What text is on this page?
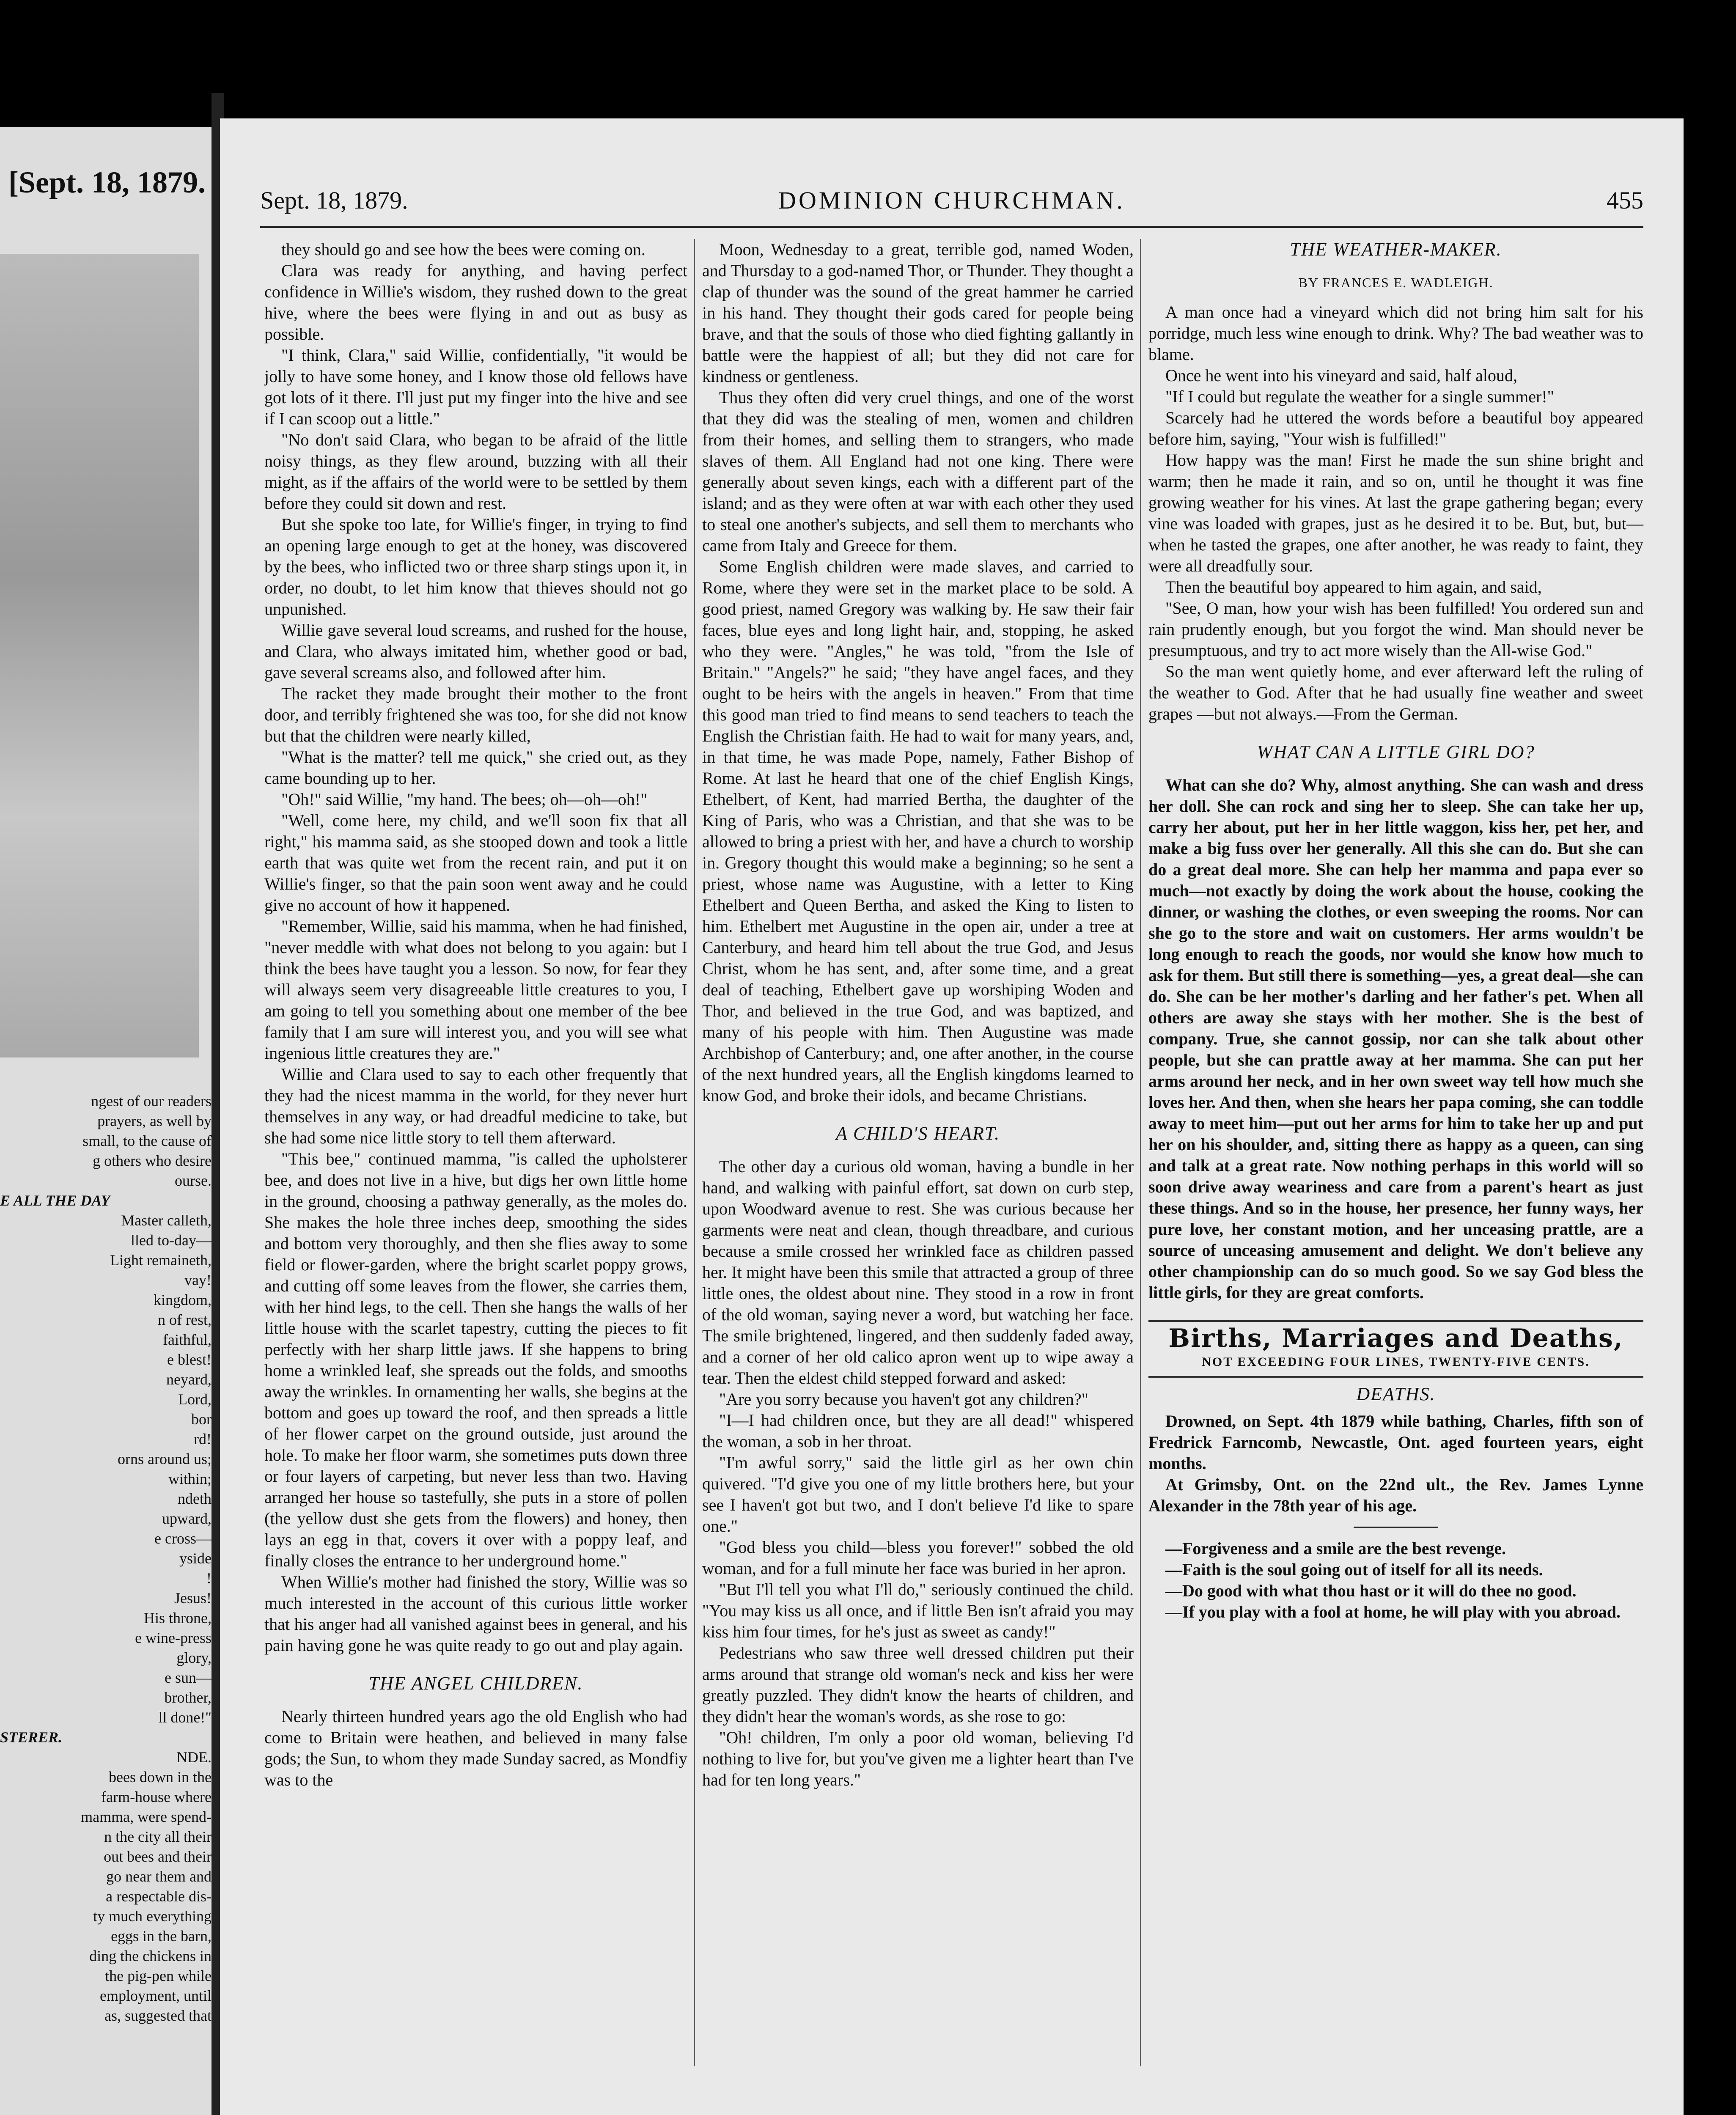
[Sept. 18, 1879.
ngest of our readers
prayers, as well by
small, to the cause of
g others who desire
ourse.
E ALL THE DAY
Master calleth,
lled to-day—
Light remaineth,
vay!
kingdom,
n of rest,
faithful,
e blest!
neyard,
Lord,
bor
rd!
orns around us;
within;
ndeth
upward,
e cross—
yside
!
Jesus!
His throne,
e wine-press
glory,
e sun—
brother,
ll done!"
STERER.
NDE.
bees down in the
farm-house where
mamma, were spend-
n the city all their
out bees and their
go near them and
a respectable dis-
ty much everything
eggs in the barn,
ding the chickens in
the pig-pen while
employment, until
as, suggested that
Sept. 18, 1879.	DOMINION CHURCHMAN.	455

they should go and see how the bees were coming on.

Clara was ready for anything, and having perfect confidence in Willie's wisdom, they rushed down to the great hive, where the bees were flying in and out as busy as possible.

"I think, Clara," said Willie, confidentially, "it would be jolly to have some honey, and I know those old fellows have got lots of it there. I'll just put my finger into the hive and see if I can scoop out a little."

"No don't said Clara, who began to be afraid of the little noisy things, as they flew around, buzzing with all their might, as if the affairs of the world were to be settled by them before they could sit down and rest.

But she spoke too late, for Willie's finger, in trying to find an opening large enough to get at the honey, was discovered by the bees, who inflicted two or three sharp stings upon it, in order, no doubt, to let him know that thieves should not go unpunished.

Willie gave several loud screams, and rushed for the house, and Clara, who always imitated him, whether good or bad, gave several screams also, and followed after him.

The racket they made brought their mother to the front door, and terribly frightened she was too, for she did not know but that the children were nearly killed,

"What is the matter? tell me quick," she cried out, as they came bounding up to her.

"Oh!" said Willie, "my hand. The bees; oh—oh—oh!"

"Well, come here, my child, and we'll soon fix that all right," his mamma said, as she stooped down and took a little earth that was quite wet from the recent rain, and put it on Willie's finger, so that the pain soon went away and he could give no account of how it happened.

"Remember, Willie, said his mamma, when he had finished, "never meddle with what does not belong to you again: but I think the bees have taught you a lesson. So now, for fear they will always seem very disagreeable little creatures to you, I am going to tell you something about one member of the bee family that I am sure will interest you, and you will see what ingenious little creatures they are."

Willie and Clara used to say to each other frequently that they had the nicest mamma in the world, for they never hurt themselves in any way, or had dreadful medicine to take, but she had some nice little story to tell them afterward.

"This bee," continued mamma, "is called the upholsterer bee, and does not live in a hive, but digs her own little home in the ground, choosing a pathway generally, as the moles do. She makes the hole three inches deep, smoothing the sides and bottom very thoroughly, and then she flies away to some field or flower-garden, where the bright scarlet poppy grows, and cutting off some leaves from the flower, she carries them, with her hind legs, to the cell. Then she hangs the walls of her little house with the scarlet tapestry, cutting the pieces to fit perfectly with her sharp little jaws. If she happens to bring home a wrinkled leaf, she spreads out the folds, and smooths away the wrinkles. In ornamenting her walls, she begins at the bottom and goes up toward the roof, and then spreads a little of her flower carpet on the ground outside, just around the hole. To make her floor warm, she sometimes puts down three or four layers of carpeting, but never less than two. Having arranged her house so tastefully, she puts in a store of pollen (the yellow dust she gets from the flowers) and honey, then lays an egg in that, covers it over with a poppy leaf, and finally closes the entrance to her underground home."

When Willie's mother had finished the story, Willie was so much interested in the account of this curious little worker that his anger had all vanished against bees in general, and his pain having gone he was quite ready to go out and play again.

THE ANGEL CHILDREN.

Nearly thirteen hundred years ago the old English who had come to Britain were heathen, and believed in many false gods; the Sun, to whom they made Sunday sacred, as Mondfiy was to the

Moon, Wednesday to a great, terrible god, named Woden, and Thursday to a god-named Thor, or Thunder. They thought a clap of thunder was the sound of the great hammer he carried in his hand. They thought their gods cared for people being brave, and that the souls of those who died fighting gallantly in battle were the happiest of all; but they did not care for kindness or gentleness.

Thus they often did very cruel things, and one of the worst that they did was the stealing of men, women and children from their homes, and selling them to strangers, who made slaves of them. All England had not one king. There were generally about seven kings, each with a different part of the island; and as they were often at war with each other they used to steal one another's subjects, and sell them to merchants who came from Italy and Greece for them.

Some English children were made slaves, and carried to Rome, where they were set in the market place to be sold. A good priest, named Gregory was walking by. He saw their fair faces, blue eyes and long light hair, and, stopping, he asked who they were. "Angles," he was told, "from the Isle of Britain." "Angels?" he said; "they have angel faces, and they ought to be heirs with the angels in heaven." From that time this good man tried to find means to send teachers to teach the English the Christian faith. He had to wait for many years, and, in that time, he was made Pope, namely, Father Bishop of Rome. At last he heard that one of the chief English Kings, Ethelbert, of Kent, had married Bertha, the daughter of the King of Paris, who was a Christian, and that she was to be allowed to bring a priest with her, and have a church to worship in. Gregory thought this would make a beginning; so he sent a priest, whose name was Augustine, with a letter to King Ethelbert and Queen Bertha, and asked the King to listen to him. Ethelbert met Augustine in the open air, under a tree at Canterbury, and heard him tell about the true God, and Jesus Christ, whom he has sent, and, after some time, and a great deal of teaching, Ethelbert gave up worshiping Woden and Thor, and believed in the true God, and was baptized, and many of his people with him. Then Augustine was made Archbishop of Canterbury; and, one after another, in the course of the next hundred years, all the English kingdoms learned to know God, and broke their idols, and became Christians.

A CHILD'S HEART.

The other day a curious old woman, having a bundle in her hand, and walking with painful effort, sat down on curb step, upon Woodward avenue to rest. She was curious because her garments were neat and clean, though threadbare, and curious because a smile crossed her wrinkled face as children passed her. It might have been this smile that attracted a group of three little ones, the oldest about nine. They stood in a row in front of the old woman, saying never a word, but watching her face. The smile brightened, lingered, and then suddenly faded away, and a corner of her old calico apron went up to wipe away a tear. Then the eldest child stepped forward and asked:

"Are you sorry because you haven't got any children?"

"I—I had children once, but they are all dead!" whispered the woman, a sob in her throat.

"I'm awful sorry," said the little girl as her own chin quivered. "I'd give you one of my little brothers here, but your see I haven't got but two, and I don't believe I'd like to spare one."

"God bless you child—bless you forever!" sobbed the old woman, and for a full minute her face was buried in her apron.

"But I'll tell you what I'll do," seriously continued the child. "You may kiss us all once, and if little Ben isn't afraid you may kiss him four times, for he's just as sweet as candy!"

Pedestrians who saw three well dressed children put their arms around that strange old woman's neck and kiss her were greatly puzzled. They didn't know the hearts of children, and they didn't hear the woman's words, as she rose to go:

"Oh! children, I'm only a poor old woman, believing I'd nothing to live for, but you've given me a lighter heart than I've had for ten long years."

THE WEATHER-MAKER.
BY FRANCES E. WADLEIGH.

A man once had a vineyard which did not bring him salt for his porridge, much less wine enough to drink. Why? The bad weather was to blame.

Once he went into his vineyard and said, half aloud,

"If I could but regulate the weather for a single summer!"

Scarcely had he uttered the words before a beautiful boy appeared before him, saying, "Your wish is fulfilled!"

How happy was the man! First he made the sun shine bright and warm; then he made it rain, and so on, until he thought it was fine growing weather for his vines. At last the grape gathering began; every vine was loaded with grapes, just as he desired it to be. But, but, but—when he tasted the grapes, one after another, he was ready to faint, they were all dreadfully sour.

Then the beautiful boy appeared to him again, and said,

"See, O man, how your wish has been fulfilled! You ordered sun and rain prudently enough, but you forgot the wind. Man should never be presumptuous, and try to act more wisely than the All-wise God."

So the man went quietly home, and ever afterward left the ruling of the weather to God. After that he had usually fine weather and sweet grapes —but not always.—From the German.

WHAT CAN A LITTLE GIRL DO?

What can she do? Why, almost anything. She can wash and dress her doll. She can rock and sing her to sleep. She can take her up, carry her about, put her in her little waggon, kiss her, pet her, and make a big fuss over her generally. All this she can do. But she can do a great deal more. She can help her mamma and papa ever so much—not exactly by doing the work about the house, cooking the dinner, or washing the clothes, or even sweeping the rooms. Nor can she go to the store and wait on customers. Her arms wouldn't be long enough to reach the goods, nor would she know how much to ask for them. But still there is something—yes, a great deal—she can do. She can be her mother's darling and her father's pet. When all others are away she stays with her mother. She is the best of company. True, she cannot gossip, nor can she talk about other people, but she can prattle away at her mamma. She can put her arms around her neck, and in her own sweet way tell how much she loves her. And then, when she hears her papa coming, she can toddle away to meet him—put out her arms for him to take her up and put her on his shoulder, and, sitting there as happy as a queen, can sing and talk at a great rate. Now nothing perhaps in this world will so soon drive away weariness and care from a parent's heart as just these things. And so in the house, her presence, her funny ways, her pure love, her constant motion, and her unceasing prattle, are a source of unceasing amusement and delight. We don't believe any other championship can do so much good. So we say God bless the little girls, for they are great comforts.

Births, Marriages and Deaths,
NOT EXCEEDING FOUR LINES, TWENTY-FIVE CENTS.
DEATHS.

Drowned, on Sept. 4th 1879 while bathing, Charles, fifth son of Fredrick Farncomb, Newcastle, Ont. aged fourteen years, eight months.

At Grimsby, Ont. on the 22nd ult., the Rev. James Lynne Alexander in the 78th year of his age.

—Forgiveness and a smile are the best revenge.

—Faith is the soul going out of itself for all its needs.

—Do good with what thou hast or it will do thee no good.

—If you play with a fool at home, he will play with you abroad.
